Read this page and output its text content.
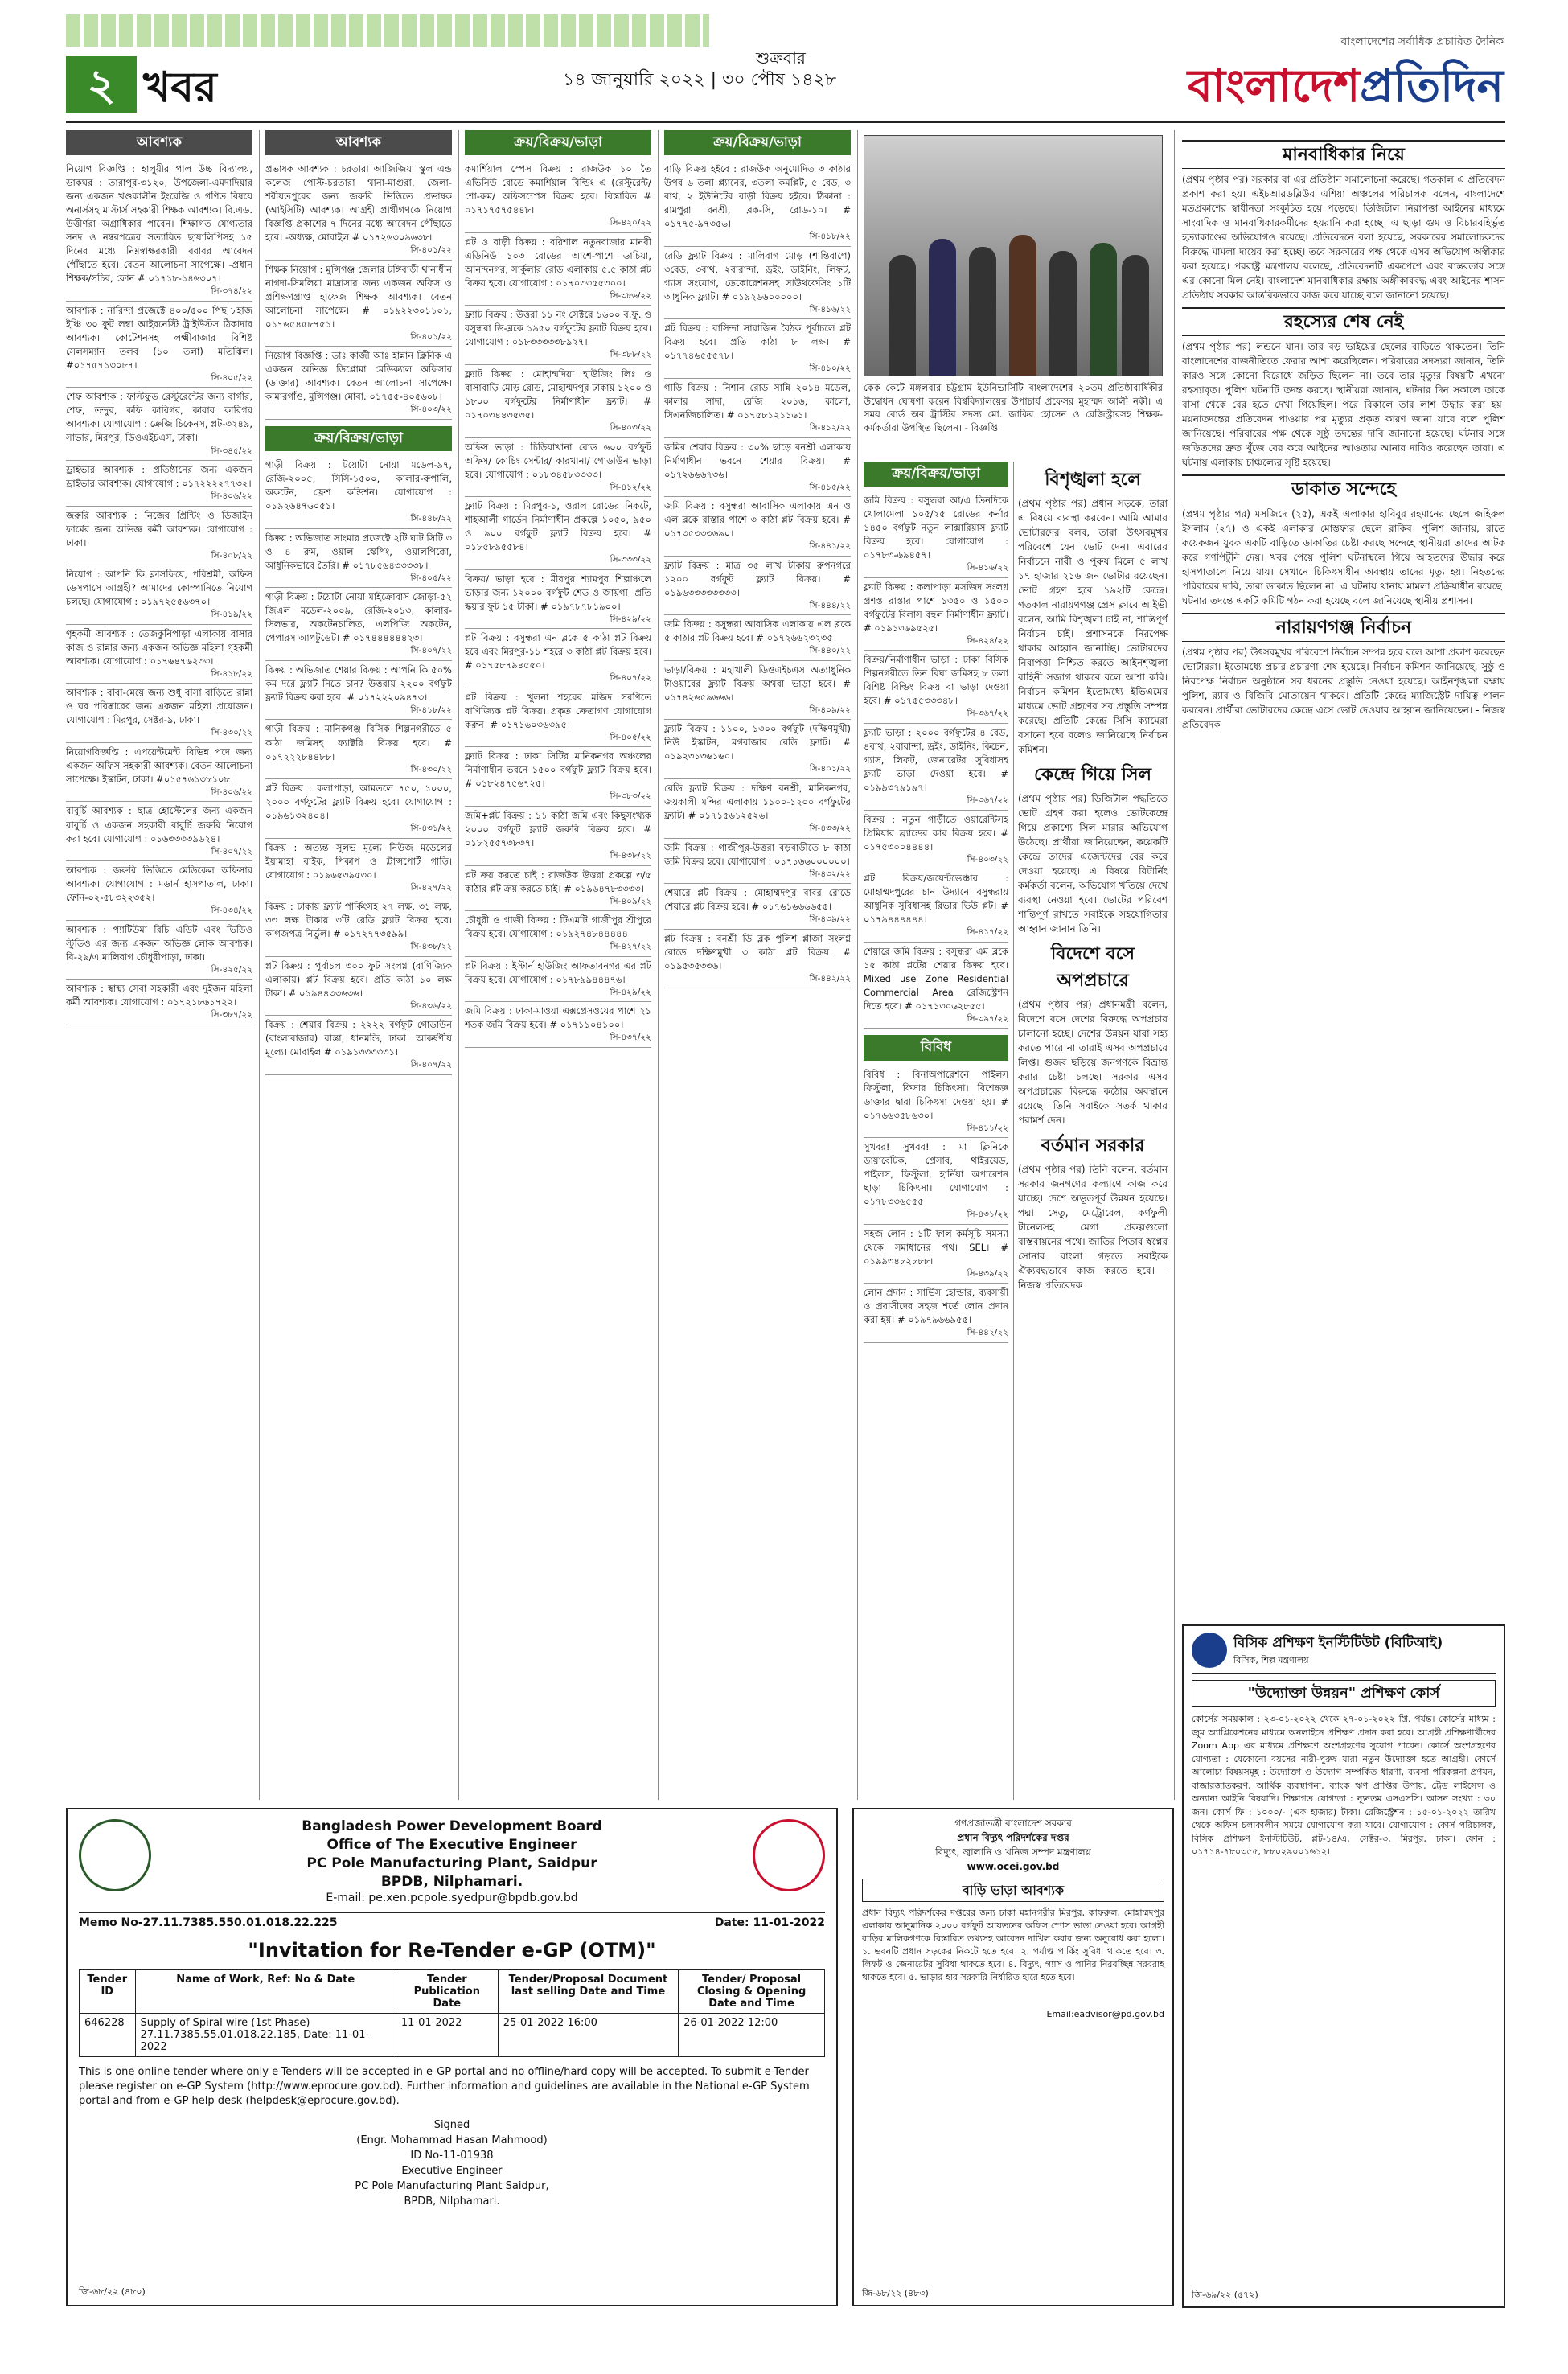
২ খবর
শুক্রবার
১৪ জানুয়ারি ২০২২ | ৩০ পৌষ ১৪২৮
বাংলাদেশের সর্বাধিক প্রচারিত দৈনিক
বাংলাদেশপ্রতিদিন
আবশ্যক
নিয়োগ বিজ্ঞপ্তি : হালুয়ীর পাল উচ্চ বিদ্যালয়, ডাকঘর : তারাপুর-৩১২০, উপজেলা-এমদাদিয়ার জন্য একজন খণ্ডকালীন ইংরেজি ও গণিত বিষয়ে অনার্সসহ মাস্টার্স সহকারী শিক্ষক আবশ্যক। বি.এড. উত্তীর্ণরা অগ্রাধিকার পাবেন। শিক্ষাগত যোগ্যতার সনদ ও নম্বরপত্রের সত্যায়িত ছায়ালিপিসহ ১৫ দিনের মধ্যে নিম্নস্বাক্ষরকারী বরাবর আবেদন পৌঁছাতে হবে। বেতন আলোচনা সাপেক্ষে। -প্রধান শিক্ষক/সচিব, ফোন # ০১৭১৮-১৪৬৩০৭।
সি-৩৭৪/২২
আবশ্যক : নারিন্দা প্রজেক্টে ৪০০/৫০০ পিছ ৮হাজ ইঞ্চি ৩০ ফুট লম্বা আইরনেস্টি ট্রাইউস্টস ঠিকাদার আবশ্যক। কোটেশনসহ লক্ষ্মীবাজার বিশিষ্ট সেলসম্যান তলব (১০ তলা) মতিঝিল। #০১৭৫৭১৩০৮৭।
সি-৪০৫/২২
শেফ আবশ্যক : ফাস্টফুড রেস্টুরেন্টের জন্য বার্গার, শেফ, তন্দুর, কফি কারিগর, কাবাব কারিগর আবশ্যক। যোগাযোগ : ক্রেজি চিকেনস, প্লট-৩২৪৯, সাভার, মিরপুর, ডিওএইচএস, ঢাকা।
সি-৩৪৫/২২
ড্রাইভার আবশ্যক : প্রতিষ্ঠানের জন্য একজন ড্রাইভার আবশ্যক। যোগাযোগ : ০১৭২২২২৭৭৩২।
সি-৪০৬/২২
জরুরি আবশ্যক : নিজের প্রিন্টিং ও ডিজাইন ফার্মের জন্য অভিজ্ঞ কর্মী আবশ্যক। যোগাযোগ : ঢাকা।
সি-৪০৮/২২
নিয়োগ : আপনি কি ক্লাসফিয়ে, পরিশ্রমী, অফিস ডেসপাসে আগ্রহী? আমাদের কোম্পানিতে নিয়োগ চলছে। যোগাযোগ : ০১৯৭২৫৫৬৩৭০।
সি-৪১৯/২২
গৃহকর্মী আবশ্যক : তেজকুনিপাড়া এলাকায় বাসার কাজ ও রান্নার জন্য একজন অভিজ্ঞ মহিলা গৃহকর্মী আবশ্যক। যোগাযোগ : ০১৭৬৪৭৬২৩৩।
সি-৪১৮/২২
আবশ্যক : বাবা-মেয়ে জন্য শুধু বাসা বাড়িতে রান্না ও ঘর পরিষ্কারের জন্য একজন মহিলা প্রয়োজন। যোগাযোগ : মিরপুর, সেক্টর-৯, ঢাকা।
সি-৪৩০/২২
নিয়োগবিজ্ঞপ্তি : এপয়েন্টমেন্ট বিভিন্ন পদে জন্য একজন অফিস সহকারী আবশ্যক। বেতন আলোচনা সাপেক্ষে। ইস্কাটন, ঢাকা। #০১৫৭৬১৩৮১০৮।
সি-৪০৬/২২
বাবুর্চি আবশ্যক : ছাত্র হোস্টেলের জন্য একজন বাবুর্চি ও একজন সহকারী বাবুর্চি জরুরি নিয়োগ করা হবে। যোগাযোগ : ০১৬৩৩৩৩৯৬২৪।
সি-৪০৭/২২
আবশ্যক : জরুরি ভিত্তিতে মেডিকেল অফিসার আবশ্যক। যোগাযোগ : মডার্ন হাসপাতাল, ঢাকা। ফোন-০২-৫৮৩২২৩৫২।
সি-৪৩৪/২২
আবশ্যক : প্যাটিউমা রিচি এডিট এবং ভিডিও স্টুডিও এর জন্য একজন অভিজ্ঞ লোক আবশ্যক। বি-২৯/এ মালিবাগ চৌধুরীপাড়া, ঢাকা।
সি-৪২৫/২২
আবশ্যক : স্বাস্থ্য সেবা সহকারী এবং দুইজন মহিলা কর্মী আবশ্যক। যোগাযোগ : ০১৭২১৮৬১৭২২।
সি-৩৮৭/২২
আবশ্যক
প্রভাষক আবশ্যক : চরতারা আজিজিয়া স্কুল এন্ড কলেজ পোস্ট-চরতারা থানা-মাগুরা, জেলা-শরীয়তপুরের জন্য জরুরি ভিত্তিতে প্রভাষক (আইসিটি) আবশ্যক। আগ্রহী প্রার্থীগণকে নিয়োগ বিজ্ঞপ্তি প্রকাশের ৭ দিনের মধ্যে আবেদন পৌঁছাতে হবে। -অধ্যক্ষ, মোবাইল # ০১৭২৬৩০৯৬৩৮।
সি-৪০১/২২
শিক্ষক নিয়োগ : মুন্সিগঞ্জ জেলার টঙ্গিবাড়ী থানাধীন নাগদা-সিমলিয়া মাদ্রাসার জন্য একজন অফিস ও প্রশিক্ষণপ্রাপ্ত হাফেজ শিক্ষক আবশ্যক। বেতন আলোচনা সাপেক্ষে। # ০১৯২২৩০১১০১, ০১৭৬৫৪৫৮৭৫১।
সি-৪০১/২২
নিয়োগ বিজ্ঞপ্তি : ডাঃ কাজী আঃ হান্নান ক্লিনিক এ একজন অভিজ্ঞ ডিপ্লোমা মেডিক্যাল অফিসার (ডাক্তার) আবশ্যক। বেতন আলোচনা সাপেক্ষে। কামারগাঁও, মুন্সিগঞ্জ। মোবা. ০১৭৫৫-৪০৫৬০৮।
সি-৪০৩/২২
ক্রয়/বিক্রয়/ভাড়া
গাড়ী বিক্রয় : টয়োটা নোয়া মডেল-৯৭, রেজি-২০০৫, সিসি-১৫০০, কালার-রুপালি, অকটেন, ফ্রেশ কন্ডিশন। যোগাযোগ : ০১৯২৬৪৭৬০৫১।
সি-৪৪৮/২২
বিক্রয় : অভিজাত সাংমার প্রজেক্টে ২টি ঘাট সিটি ৩ ও ৪ রুম, ওয়াল স্কেপিং, ওয়ালপিক্কো, আধুনিকভাবে তৈরি। # ০১৭৮৫৬৪৩৩৩৩৮।
সি-৪০৫/২২
গাড়ী বিক্রয় : টয়োটা নোয়া মাইক্রোবাস জোড়া-৫২ জিএল মডেল-২০০৯, রেজি-২০১৩, কালার-সিলভার, অকটেনচালিত, এলপিজি অকটেন, পেপারস আপটুডেট। # ০১৭৪৪৪৪৪৪২৩।
সি-৪০৭/২২
বিক্রয় : অভিজাত শেয়ার বিক্রয় : আপনি কি ৫০% কম দরে ফ্ল্যাট নিতে চান? উত্তরায় ২২০০ বর্গফুট ফ্ল্যাট বিক্রয় করা হবে। # ০১৭২২২০৯৪৭৩।
সি-৪১৮/২২
গাড়ী বিক্রয় : মানিকগঞ্জ বিসিক শিল্পনগরীতে ৫ কাঠা জমিসহ ফ্যাক্টরি বিক্রয় হবে। # ০১৭২২২৮৪৪৮৮।
সি-৪৩০/২২
প্লট বিক্রয় : কলাপাড়া, আমতলে ৭৫০, ১০০০, ২০০০ বর্গফুটের ফ্ল্যাট বিক্রয় হবে। যোগাযোগ : ০১৯৬১৩২৪০৪।
সি-৪৩১/২২
বিক্রয় : অত্যন্ত সুলভ মূল্যে নিউজ মডেলের ইয়ামাহা বাইক, পিকাপ ও ট্রান্সপোর্ট গাড়ি। যোগাযোগ : ০১৯৬৫৩৯৫৩০।
সি-৪২৭/২২
বিক্রয় : ঢাকায় ফ্ল্যাট পার্কিংসহ ২৭ লক্ষ, ৩১ লক্ষ, ৩৩ লক্ষ টাকায় ৩টি রেডি ফ্ল্যাট বিক্রয় হবে। কাগজপত্র নির্ভুল। # ০১৭২৭৭৩৫৯৯।
সি-৪৩৮/২২
প্লট বিক্রয় : পূর্বাচল ৩০০ ফুট সংলগ্ন (বাণিজ্যিক এলাকায়) প্লট বিক্রয় হবে। প্রতি কাঠা ১০ লক্ষ টাকা। # ০১৯৪৪৩৩৬৩৬।
সি-৪৩৬/২২
বিক্রয় : শেয়ার বিক্রয় : ২২২২ বর্গফুট গোডাউন (বাংলাবাজার) রাস্তা, ধানমন্ডি, ঢাকা। আকর্ষণীয় মূল্যে। মোবাইল # ০১৯১৩৩৩৩৩১।
সি-৪০৭/২২
ক্রয়/বিক্রয়/ভাড়া
কমার্শিয়াল স্পেস বিক্রয় : রাজউক ১০ তৈ এভিনিউ রোডে কমার্শিয়াল বিল্ডিং এ (রেস্টুরেন্ট/ শো-রুম/ অফিসস্পেস বিক্রয় হবে। বিস্তারিত # ০১৭১৭৫৭৫৪৪৮।
সি-৪২০/২২
প্লট ও বাড়ী বিক্রয় : বরিশাল নতুনবাজার মানবী এডিনিউ ১০৩ রোডের আশে-পাশে ডাচিয়া, আনন্দনগর, সার্কুলার রোড এলাকায় ৫.৫ কাঠা প্লট বিক্রয় হবে। যোগাযোগ : ০১৭০৩৩৫৫৩০০।
সি-৩৮৬/২২
ফ্ল্যাট বিক্রয় : উত্তরা ১১ নং সেক্টরে ১৬০০ ব.ফু. ও বসুন্ধরা ডি-ব্লকে ১৯৫০ বর্গফুটের ফ্ল্যাট বিক্রয় হবে। যোগাযোগ : ০১৮৩৩৩৩৩৮৯২৭।
সি-৩৮৮/২২
ফ্ল্যাট বিক্রয় : মোহাম্মদিয়া হাউজিং লিঃ ও বাসাবাড়ি মোড় রোড, মোহাম্মদপুর ঢাকায় ১২০০ ও ১৮০০ বর্গফুটের নির্মাণাধীন ফ্ল্যাট। # ০১৭০৩৪৪৩৫৩৫।
সি-৪০৩/২২
অফিস ভাড়া : চিড়িয়াখানা রোড ৬০০ বর্গফুট অফিস/ কোচিং সেন্টার/ কারখানা/ গোডাউন ভাড়া হবে। যোগাযোগ : ০১৮৩৪৫৮৩৩৩৩।
সি-৪১২/২২
ফ্ল্যাট বিক্রয় : মিরপুর-১, ওরাল রোডের নিকটে, শাহআলী গার্ডেন নির্মাণাধীন প্রকল্পে ১০৫০, ৯৫০ ও ৯০০ বর্গফুট ফ্ল্যাট বিক্রয় হবে। # ০১৮৫৮৯৫৫৮৪।
সি-৩৩৩/২২
বিক্রয়/ ভাড়া হবে : মীরপুর শ্যামপুর শিল্পাঞ্চলে ভাড়ার জন্য ১২০০০ বর্গফুট শেড ও জায়গা। প্রতি স্কয়ার ফুট ১৫ টাকা। # ০১৯৭৮৭৮১৯০০।
সি-৪২৯/২২
প্লট বিক্রয় : বসুন্ধরা এন ব্লকে ৫ কাঠা প্লট বিক্রয় হবে এবং মিরপুর-১১ শহরে ৩ কাঠা প্লট বিক্রয় হবে। # ০১৭৫৮৭৯৪৫৫০।
সি-৪০৭/২২
প্লট বিক্রয় : খুলনা শহরের মজিদ সরণিতে বাণিজ্যিক প্লট বিক্রয়। প্রকৃত ক্রেতাগণ যোগাযোগ করুন। # ০১৭১৬০৩৬৩৯৫।
সি-৪০৫/২২
ফ্ল্যাট বিক্রয় : ঢাকা সিটির মানিকনগর অঞ্চলের নির্মাণাধীন ভবনে ১৫০০ বর্গফুট ফ্ল্যাট বিক্রয় হবে। # ০১৮২৪৭৫৬৭২৫।
সি-৩৮৩/২২
জমি+প্লট বিক্রয় : ১১ কাঠা জমি এবং কিছুসংখ্যক ২০০০ বর্গফুট ফ্ল্যাট জরুরি বিক্রয় হবে। # ০১৮২৫৫৭৩৮৩৭।
সি-৪৩৮/২২
প্লট ক্রয় করতে চাই : রাজউক উত্তরা প্রকল্পে ৩/৫ কাঠার প্লট ক্রয় করতে চাই। # ০১৯৬৪৭৮৩৩৩৩।
সি-৪০৯/২২
চৌধুরী ও গাজী বিক্রয় : টিএমটি গাজীপুর শ্রীপুরে বিক্রয় হবে। যোগাযোগ : ০১৯২৭৪৮৪৪৪৪৪।
সি-৪২৭/২২
প্লট বিক্রয় : ইস্টার্ন হাউজিং আফতাবনগর এর প্লট বিক্রয় হবে। যোগাযোগ : ০১৭৮৯৯৪৪৪৭৬।
সি-৪২৯/২২
জমি বিক্রয় : ঢাকা-মাওয়া এক্সপ্রেসওয়ের পাশে ২১ শতক জমি বিক্রয় হবে। # ০১৭১১০৪১০০।
সি-৪৩৭/২২
ক্রয়/বিক্রয়/ভাড়া
বাড়ি বিক্রয় হইবে : রাজউক অনুমোদিত ৩ কাঠার উপর ৬ তলা প্ল্যানের, ৩তলা কমপ্লিট, ৫ বেড, ৩ বাথ, ২ ইউনিটের বাড়ী বিক্রয় হইবে। ঠিকানা : রামপুরা বনশ্রী, ব্লক-সি, রোড-১০। # ০১৭৭৫-৯৭৩৫৬।
সি-৪১৮/২২
রেডি ফ্ল্যাট বিক্রয় : মালিবাগ মোড় (শান্তিবাগে) ৩বেড, ৩বাথ, ২বারান্দা, ড্রইং, ডাইনিং, লিফট, গ্যাস সংযোগ, ডেকোরেশনসহ সাউথফেসিং ১টি আধুনিক ফ্ল্যাট। # ০১৯২৬৬০০০০০।
সি-৪১৬/২২
প্লট বিক্রয় : বাসিন্দা সারাজিন বৈঠক পূর্বাচলে প্লট বিক্রয় হবে। প্রতি কাঠা ৮ লক্ষ। # ০১৭৭৪৬৫৫৫৭৮।
সি-৪১০/২২
গাড়ি বিক্রয় : নিশান রোড সান্নি ২০১৪ মডেল, কালার সাদা, রেজি ২০১৬, কালো, সিএনজিচালিত। # ০১৭৫৮১২১১৬১।
সি-৪১২/২২
জমির শেয়ার বিক্রয় : ৩০% ছাড়ে বনশ্রী এলাকায় নির্মাণাধীন ভবনে শেয়ার বিক্রয়। # ০১৭২৬৬৬৭৩৬।
সি-৪১৫/২২
জমি বিক্রয় : বসুন্ধরা আবাসিক এলাকায় এন ও এল ব্লকে রাস্তার পাশে ৩ কাঠা প্লট বিক্রয় হবে। # ০১৭৩৫৩৩৩৬৯০।
সি-৪৪১/২২
ফ্ল্যাট বিক্রয় : মাত্র ৩৫ লাখ টাকায় রুপনগরে ১২০০ বর্গফুট ফ্ল্যাট বিক্রয়। # ০১৯৬৩৩৩৩৩৩৩৩।
সি-৪৪৪/২২
জমি বিক্রয় : বসুন্ধরা আবাসিক এলাকায় এল ব্লকে ৫ কাঠার প্লট বিক্রয় হবে। # ০১৭২৬৬২৩২৩৫।
সি-৪৪০/২২
ভাড়া/বিক্রয় : মহাখালী ডিওএইচএস অত্যাধুনিক টাওয়ারের ফ্ল্যাট বিক্রয় অথবা ভাড়া হবে। # ০১৭৪২৬৫৯৬৬৬।
সি-৪০৯/২২
ফ্ল্যাট বিক্রয় : ১১০০, ১৩০০ বর্গফুট (দক্ষিণমুখী) নিউ ইস্কাটন, মগবাজার রেডি ফ্ল্যাট। # ০১৯২৩১৩৬১৬০।
সি-৪০১/২২
রেডি ফ্ল্যাট বিক্রয় : দক্ষিণ বনশ্রী, মানিকনগর, জয়কালী মন্দির এলাকায় ১১০০-১২০০ বর্গফুটের ফ্ল্যাট। # ০১৭১৫৬১২৫২৬।
সি-৪৩৩/২২
জমি বিক্রয় : গাজীপুর-উত্তরা বড়বাড়ীতে ৮ কাঠা জমি বিক্রয় হবে। যোগাযোগ : ০১৭১৬৬০০০০০০।
সি-৪৩২/২২
শেয়ারে প্লট বিক্রয় : মোহাম্মদপুর বাবর রোডে শেয়ারে প্লট বিক্রয় হবে। # ০১৭৬১৬৬৬৬৫৫।
সি-৪৩৯/২২
প্লট বিক্রয় : বনশ্রী ডি ব্লক পুলিশ প্লাজা সংলগ্ন রোডে দক্ষিণমুখী ৩ কাঠা প্লট বিক্রয়। # ০১৯৫৩৫৩৩৬।
সি-৪৪২/২২
কেক কেটে মঙ্গলবার চট্টগ্রাম ইউনিভার্সিটি বাংলাদেশের ২০তম প্রতিষ্ঠাবার্ষিকীর উদ্বোধন ঘোষণা করেন বিশ্ববিদ্যালয়ের উপাচার্য প্রফেসর মুহাম্মদ আলী নকী। এ সময় বোর্ড অব ট্রাস্টির সদস্য মো. জাকির হোসেন ও রেজিস্ট্রারসহ শিক্ষক-কর্মকর্তারা উপস্থিত ছিলেন। - বিজ্ঞপ্তি
ক্রয়/বিক্রয়/ভাড়া
জমি বিক্রয় : বসুন্ধরা আ/এ তিনদিকে খোলামেলা ১০৫/২৫ রোডের কর্নার ১৪৫০ বর্গফুট নতুন লাক্সারিয়াস ফ্ল্যাট বিক্রয় হবে। যোগাযোগ : ০১৭৮৩-৬৯৪৫৭।
সি-৪১৬/২২
ফ্ল্যাট বিক্রয় : কলাপাড়া মসজিদ সংলগ্ন প্রশস্ত রাস্তার পাশে ১৩৫০ ও ১৫০০ বর্গফুটের বিলাস বহুল নির্মাণাধীন ফ্ল্যাট। # ০১৯১৩৬৯৫২৫।
সি-৪২৪/২২
বিক্রয়/নির্মাণাধীন ভাড়া : ঢাকা বিসিক শিল্পনগরীতে তিন বিঘা জমিসহ ৮ তলা বিশিষ্ট বিল্ডিং বিক্রয় বা ভাড়া দেওয়া হবে। # ০১৭৫৫৩৩৩৪৮।
সি-৩৬৭/২২
ফ্ল্যাট ভাড়া : ২০০০ বর্গফুটের ৪ বেড, ৪বাথ, ২বারান্দা, ড্রইং, ডাইনিং, কিচেন, গ্যাস, লিফট, জেনারেটর সুবিধাসহ ফ্ল্যাট ভাড়া দেওয়া হবে। # ০১৯৯৩৭৯১৯৭।
সি-৩৬৭/২২
বিক্রয় : নতুন গাড়ীতে ওয়ারেন্টিসহ প্রিমিয়ার ব্র্যান্ডের কার বিক্রয় হবে। # ০১৭৫৩০০৪৪৪৪।
সি-৪০৩/২২
প্লট বিক্রয়/জয়েন্টভেঞ্চার : মোহাম্মদপুরের চান উদ্যানে বসুন্ধরায় আধুনিক সুবিধাসহ রিভার ভিউ প্লট। # ০১৭৯৪৪৪৪৪৪।
সি-৪১৭/২২
শেয়ারে জমি বিক্রয় : বসুন্ধরা এম ব্লকে ১৫ কাঠা প্লটের শেয়ার বিক্রয় হবে। Mixed use Zone Residential Commercial Area রেজিস্ট্রেশন দিতে হবে। # ০১৭১৩০৬২৮৫৫।
সি-৩৯৭/২২
বিবিধ
বিবিধ : বিনাঅপারেশনে পাইলস ফিস্টুলা, ফিসার চিকিৎসা। বিশেষজ্ঞ ডাক্তার দ্বারা চিকিৎসা দেওয়া হয়। # ০১৭৬৬৩৫৮৬৩০।
সি-৪১১/২২
সুখবর! সুখবর! : মা ক্লিনিকে ডায়াবেটিক, প্রেসার, থাইরয়েড, পাইলস, ফিস্টুলা, হার্নিয়া অপারেশন ছাড়া চিকিৎসা। যোগাযোগ : ০১৭৮৩৩৬৫৫৫।
সি-৪৩১/২২
সহজ লোন : ১টি ফাল কর্মসূচি সমস্যা থেকে সমাধানের পথ। SEL। # ০১৯৯৩৪৮২৮৮৮।
সি-৪৩৯/২২
লোন প্রদান : সার্ভিস হোল্ডার, ব্যবসায়ী ও প্রবাসীদের সহজ শর্তে লোন প্রদান করা হয়। # ০১৯৭৯৬৬৯৫৫।
সি-৪৪২/২২
বিশৃঙ্খলা হলে

(প্রথম পৃষ্ঠার পর) প্রধান সড়কে, তারা এ বিষয়ে ব্যবস্থা করবেন। আমি আমার ভোটারদের বলব, তারা উৎসবমুখর পরিবেশে যেন ভোট দেন। এবারের নির্বাচনে নারী ও পুরুষ মিলে ৫ লাখ ১৭ হাজার ২১৬ জন ভোটার রয়েছেন। ভোট গ্রহণ হবে ১৯২টি কেন্দ্রে। গতকাল নারায়ণগঞ্জ প্রেস ক্লাবে আইভী বলেন, আমি বিশৃঙ্খলা চাই না, শান্তিপূর্ণ নির্বাচন চাই। প্রশাসনকে নিরপেক্ষ থাকার আহ্বান জানাচ্ছি। ভোটারদের নিরাপত্তা নিশ্চিত করতে আইনশৃঙ্খলা বাহিনী সজাগ থাকবে বলে আশা করি। নির্বাচন কমিশন ইতোমধ্যে ইভিএমের মাধ্যমে ভোট গ্রহণের সব প্রস্তুতি সম্পন্ন করেছে। প্রতিটি কেন্দ্রে সিসি ক্যামেরা বসানো হবে বলেও জানিয়েছে নির্বাচন কমিশন।

কেন্দ্রে গিয়ে সিল

(প্রথম পৃষ্ঠার পর) ডিজিটাল পদ্ধতিতে ভোট গ্রহণ করা হলেও ভোটকেন্দ্রে গিয়ে প্রকাশ্যে সিল মারার অভিযোগ উঠেছে। প্রার্থীরা জানিয়েছেন, কয়েকটি কেন্দ্রে তাদের এজেন্টদের বের করে দেওয়া হয়েছে। এ বিষয়ে রিটার্নিং কর্মকর্তা বলেন, অভিযোগ খতিয়ে দেখে ব্যবস্থা নেওয়া হবে। ভোটের পরিবেশ শান্তিপূর্ণ রাখতে সবাইকে সহযোগিতার আহ্বান জানান তিনি।

বিদেশে বসে অপপ্রচারে

(প্রথম পৃষ্ঠার পর) প্রধানমন্ত্রী বলেন, বিদেশে বসে দেশের বিরুদ্ধে অপপ্রচার চালানো হচ্ছে। দেশের উন্নয়ন যারা সহ্য করতে পারে না তারাই এসব অপপ্রচারে লিপ্ত। গুজব ছড়িয়ে জনগণকে বিভ্রান্ত করার চেষ্টা চলছে। সরকার এসব অপপ্রচারের বিরুদ্ধে কঠোর অবস্থানে রয়েছে। তিনি সবাইকে সতর্ক থাকার পরামর্শ দেন।

বর্তমান সরকার

(প্রথম পৃষ্ঠার পর) তিনি বলেন, বর্তমান সরকার জনগণের কল্যাণে কাজ করে যাচ্ছে। দেশে অভূতপূর্ব উন্নয়ন হয়েছে। পদ্মা সেতু, মেট্রোরেল, কর্ণফুলী টানেলসহ মেগা প্রকল্পগুলো বাস্তবায়নের পথে। জাতির পিতার স্বপ্নের সোনার বাংলা গড়তে সবাইকে ঐক্যবদ্ধভাবে কাজ করতে হবে। - নিজস্ব প্রতিবেদক

মানবাধিকার নিয়ে

(প্রথম পৃষ্ঠার পর) সরকার বা এর প্রতিষ্ঠান সমালোচনা করেছে। গতকাল এ প্রতিবেদন প্রকাশ করা হয়। এইচআরডব্লিউর এশিয়া অঞ্চলের পরিচালক বলেন, বাংলাদেশে মতপ্রকাশের স্বাধীনতা সংকুচিত হয়ে পড়েছে। ডিজিটাল নিরাপত্তা আইনের মাধ্যমে সাংবাদিক ও মানবাধিকারকর্মীদের হয়রানি করা হচ্ছে। এ ছাড়া গুম ও বিচারবহির্ভূত হত্যাকাণ্ডের অভিযোগও রয়েছে। প্রতিবেদনে বলা হয়েছে, সরকারের সমালোচকদের বিরুদ্ধে মামলা দায়ের করা হচ্ছে। তবে সরকারের পক্ষ থেকে এসব অভিযোগ অস্বীকার করা হয়েছে। পররাষ্ট্র মন্ত্রণালয় বলেছে, প্রতিবেদনটি একপেশে এবং বাস্তবতার সঙ্গে এর কোনো মিল নেই। বাংলাদেশ মানবাধিকার রক্ষায় অঙ্গীকারবদ্ধ এবং আইনের শাসন প্রতিষ্ঠায় সরকার আন্তরিকভাবে কাজ করে যাচ্ছে বলে জানানো হয়েছে।

রহস্যের শেষ নেই

(প্রথম পৃষ্ঠার পর) লন্ডনে যান। তার বড় ভাইয়ের ছেলের বাড়িতে থাকতেন। তিনি বাংলাদেশের রাজনীতিতে ফেরার আশা করেছিলেন। পরিবারের সদস্যরা জানান, তিনি কারও সঙ্গে কোনো বিরোধে জড়িত ছিলেন না। তবে তার মৃত্যুর বিষয়টি এখনো রহস্যাবৃত। পুলিশ ঘটনাটি তদন্ত করছে। স্থানীয়রা জানান, ঘটনার দিন সকালে তাকে বাসা থেকে বের হতে দেখা গিয়েছিল। পরে বিকালে তার লাশ উদ্ধার করা হয়। ময়নাতদন্তের প্রতিবেদন পাওয়ার পর মৃত্যুর প্রকৃত কারণ জানা যাবে বলে পুলিশ জানিয়েছে। পরিবারের পক্ষ থেকে সুষ্ঠু তদন্তের দাবি জানানো হয়েছে। ঘটনার সঙ্গে জড়িতদের দ্রুত খুঁজে বের করে আইনের আওতায় আনার দাবিও করেছেন তারা। এ ঘটনায় এলাকায় চাঞ্চল্যের সৃষ্টি হয়েছে।

ডাকাত সন্দেহে

(প্রথম পৃষ্ঠার পর) মসজিদে (২৫), একই এলাকার হাবিবুর রহমানের ছেলে জহিরুল ইসলাম (২৭) ও একই এলাকার মোস্তফার ছেলে রাকিব। পুলিশ জানায়, রাতে কয়েকজন যুবক একটি বাড়িতে ডাকাতির চেষ্টা করছে সন্দেহে স্থানীয়রা তাদের আটক করে গণপিটুনি দেয়। খবর পেয়ে পুলিশ ঘটনাস্থলে গিয়ে আহতদের উদ্ধার করে হাসপাতালে নিয়ে যায়। সেখানে চিকিৎসাধীন অবস্থায় তাদের মৃত্যু হয়। নিহতদের পরিবারের দাবি, তারা ডাকাত ছিলেন না। এ ঘটনায় থানায় মামলা প্রক্রিয়াধীন রয়েছে। ঘটনার তদন্তে একটি কমিটি গঠন করা হয়েছে বলে জানিয়েছে স্থানীয় প্রশাসন।

নারায়ণগঞ্জ নির্বাচন

(প্রথম পৃষ্ঠার পর) উৎসবমুখর পরিবেশে নির্বাচন সম্পন্ন হবে বলে আশা প্রকাশ করেছেন ভোটাররা। ইতোমধ্যে প্রচার-প্রচারণা শেষ হয়েছে। নির্বাচন কমিশন জানিয়েছে, সুষ্ঠু ও নিরপেক্ষ নির্বাচন অনুষ্ঠানে সব ধরনের প্রস্তুতি নেওয়া হয়েছে। আইনশৃঙ্খলা রক্ষায় পুলিশ, র‌্যাব ও বিজিবি মোতায়েন থাকবে। প্রতিটি কেন্দ্রে ম্যাজিস্ট্রেট দায়িত্ব পালন করবেন। প্রার্থীরা ভোটারদের কেন্দ্রে এসে ভোট দেওয়ার আহ্বান জানিয়েছেন। - নিজস্ব প্রতিবেদক

Bangladesh Power Development Board
Office of The Executive Engineer
PC Pole Manufacturing Plant, Saidpur
BPDB, Nilphamari.
E-mail: pe.xen.pcpole.syedpur@bpdb.gov.bd
Memo No-27.11.7385.550.01.018.22.225	Date: 11-01-2022
"Invitation for Re-Tender e-GP (OTM)"
Tender ID	Name of Work, Ref: No & Date	Tender Publication Date	Tender/Proposal Document last selling Date and Time	Tender/ Proposal Closing & Opening Date and Time
646228	Supply of Spiral wire (1st Phase) 27.11.7385.55.01.018.22.185, Date: 11-01-2022	11-01-2022	25-01-2022 16:00	26-01-2022 12:00
This is one online tender where only e-Tenders will be accepted in e-GP portal and no offline/hard copy will be accepted. To submit e-Tender please register on e-GP System (http://www.eprocure.gov.bd). Further information and guidelines are available in the National e-GP System portal and from e-GP help desk (helpdesk@eprocure.gov.bd).
Signed
(Engr. Mohammad Hasan Mahmood)
ID No-11-01938
Executive Engineer
PC Pole Manufacturing Plant Saidpur,
BPDB, Nilphamari.
জি-৬৮/২২ (৪৮০)
গণপ্রজাতন্ত্রী বাংলাদেশ সরকার
প্রধান বিদ্যুৎ পরিদর্শকের দপ্তর
বিদ্যুৎ, জ্বালানি ও খনিজ সম্পদ মন্ত্রণালয়
www.ocei.gov.bd
বাড়ি ভাড়া আবশ্যক

প্রধান বিদ্যুৎ পরিদর্শকের দপ্তরের জন্য ঢাকা মহানগরীর মিরপুর, কাফরুল, মোহাম্মদপুর এলাকায় আনুমানিক ২০০০ বর্গফুট আয়তনের অফিস স্পেস ভাড়া নেওয়া হবে। আগ্রহী বাড়ির মালিকগণকে বিস্তারিত তথ্যসহ আবেদন দাখিল করার জন্য অনুরোধ করা হলো। ১. ভবনটি প্রধান সড়কের নিকটে হতে হবে। ২. পর্যাপ্ত পার্কিং সুবিধা থাকতে হবে। ৩. লিফট ও জেনারেটর সুবিধা থাকতে হবে। ৪. বিদ্যুৎ, গ্যাস ও পানির নিরবচ্ছিন্ন সরবরাহ থাকতে হবে। ৫. ভাড়ার হার সরকারি নির্ধারিত হারে হতে হবে।

Email:eadvisor@pd.gov.bd
জি-৬৮/২২ (৪৮৩)
বিসিক প্রশিক্ষণ ইনস্টিটিউট (বিটিআই)
বিসিক, শিল্প মন্ত্রণালয়
"উদ্যোক্তা উন্নয়ন" প্রশিক্ষণ কোর্স

কোর্সের সময়কাল : ২৩-০১-২০২২ থেকে ২৭-০১-২০২২ খ্রি. পর্যন্ত। কোর্সের মাধ্যম : জুম অ্যাপ্লিকেশনের মাধ্যমে অনলাইনে প্রশিক্ষণ প্রদান করা হবে। আগ্রহী প্রশিক্ষণার্থীদের Zoom App এর মাধ্যমে প্রশিক্ষণে অংশগ্রহণের সুযোগ পাবেন। কোর্সে অংশগ্রহণের যোগ্যতা : যেকোনো বয়সের নারী-পুরুষ যারা নতুন উদ্যোক্তা হতে আগ্রহী। কোর্সে আলোচ্য বিষয়সমূহ : উদ্যোক্তা ও উদ্যোগ সম্পর্কিত ধারণা, ব্যবসা পরিকল্পনা প্রণয়ন, বাজারজাতকরণ, আর্থিক ব্যবস্থাপনা, ব্যাংক ঋণ প্রাপ্তির উপায়, ট্রেড লাইসেন্স ও অন্যান্য আইনি বিষয়াদি। শিক্ষাগত যোগ্যতা : ন্যূনতম এসএসসি। আসন সংখ্যা : ৩০ জন। কোর্স ফি : ১০০০/- (এক হাজার) টাকা। রেজিস্ট্রেশন : ১৫-০১-২০২২ তারিখ থেকে অফিস চলাকালীন সময়ে যোগাযোগ করা যাবে। যোগাযোগ : কোর্স পরিচালক, বিসিক প্রশিক্ষণ ইনস্টিটিউট, প্লট-১৪/এ, সেক্টর-৩, মিরপুর, ঢাকা। ফোন : ০১৭১৪-৭৮০৩৫৫, ৮৮০২৯০০১৬১২।

জি-৬৯/২২ (৫৭২)
